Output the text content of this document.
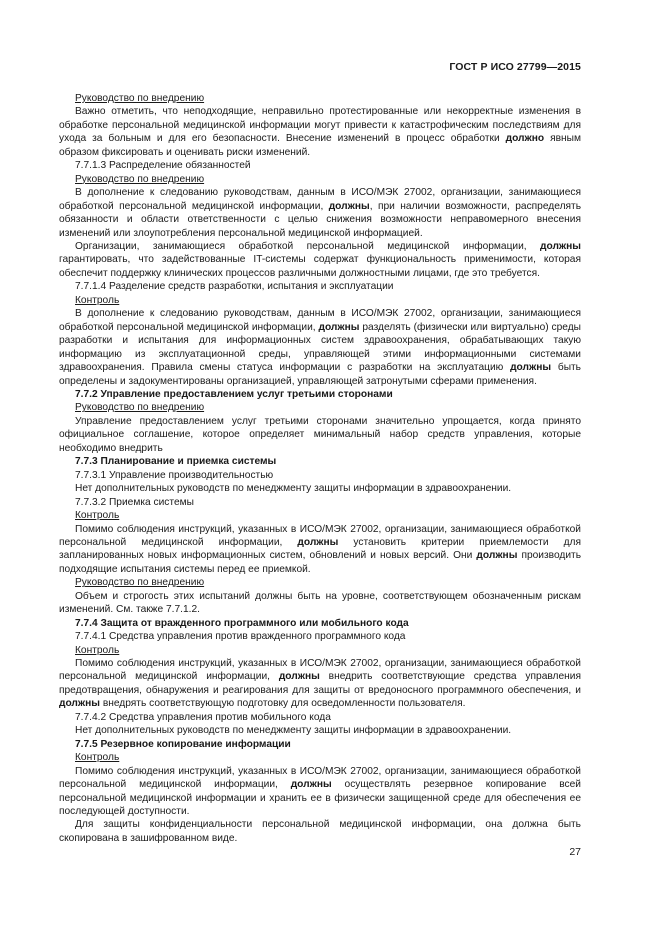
ГОСТ Р ИСО 27799—2015

Руководство по внедрению

Важно отметить, что неподходящие, неправильно протестированные или некорректные изменения в обработке персональной медицинской информации могут привести к катастрофическим последствиям для ухода за больным и для его безопасности. Внесение изменений в процесс обработки должно явным образом фиксировать и оценивать риски изменений.

7.7.1.3 Распределение обязанностей

Руководство по внедрению

В дополнение к следованию руководствам, данным в ИСО/МЭК 27002, организации, занимающиеся обработкой персональной медицинской информации, должны, при наличии возможности, распределять обязанности и области ответственности с целью снижения возможности неправомерного внесения изменений или злоупотребления персональной медицинской информацией.

Организации, занимающиеся обработкой персональной медицинской информации, должны гарантировать, что задействованные IT-системы содержат функциональность применимости, которая обеспечит поддержку клинических процессов различными должностными лицами, где это требуется.

7.7.1.4 Разделение средств разработки, испытания и эксплуатации

Контроль

В дополнение к следованию руководствам, данным в ИСО/МЭК 27002, организации, занимающиеся обработкой персональной медицинской информации, должны разделять (физически или виртуально) среды разработки и испытания для информационных систем здравоохранения, обрабатывающих такую информацию из эксплуатационной среды, управляющей этими информационными системами здравоохранения. Правила смены статуса информации с разработки на эксплуатацию должны быть определены и задокументированы организацией, управляющей затронутыми сферами применения.

7.7.2 Управление предоставлением услуг третьими сторонами

Руководство по внедрению

Управление предоставлением услуг третьими сторонами значительно упрощается, когда принято официальное соглашение, которое определяет минимальный набор средств управления, которые необходимо внедрить

7.7.3 Планирование и приемка системы

7.7.3.1 Управление производительностью

Нет дополнительных руководств по менеджменту защиты информации в здравоохранении.

7.7.3.2 Приемка системы

Контроль

Помимо соблюдения инструкций, указанных в ИСО/МЭК 27002, организации, занимающиеся обработкой персональной медицинской информации, должны установить критерии приемлемости для запланированных новых информационных систем, обновлений и новых версий. Они должны производить подходящие испытания системы перед ее приемкой.

Руководство по внедрению

Объем и строгость этих испытаний должны быть на уровне, соответствующем обозначенным рискам изменений. См. также 7.7.1.2.

7.7.4 Защита от вражденного программного или мобильного кода

7.7.4.1 Средства управления против вражденного программного кода

Контроль

Помимо соблюдения инструкций, указанных в ИСО/МЭК 27002, организации, занимающиеся обработкой персональной медицинской информации, должны внедрить соответствующие средства управления предотвращения, обнаружения и реагирования для защиты от вредоносного программного обеспечения, и должны внедрять соответствующую подготовку для осведомленности пользователя.

7.7.4.2 Средства управления против мобильного кода

Нет дополнительных руководств по менеджменту защиты информации в здравоохранении.

7.7.5 Резервное копирование информации

Контроль

Помимо соблюдения инструкций, указанных в ИСО/МЭК 27002, организации, занимающиеся обработкой персональной медицинской информации, должны осуществлять резервное копирование всей персональной медицинской информации и хранить ее в физически защищенной среде для обеспечения ее последующей доступности.

Для защиты конфиденциальности персональной медицинской информации, она должна быть скопирована в зашифрованном виде.

27
